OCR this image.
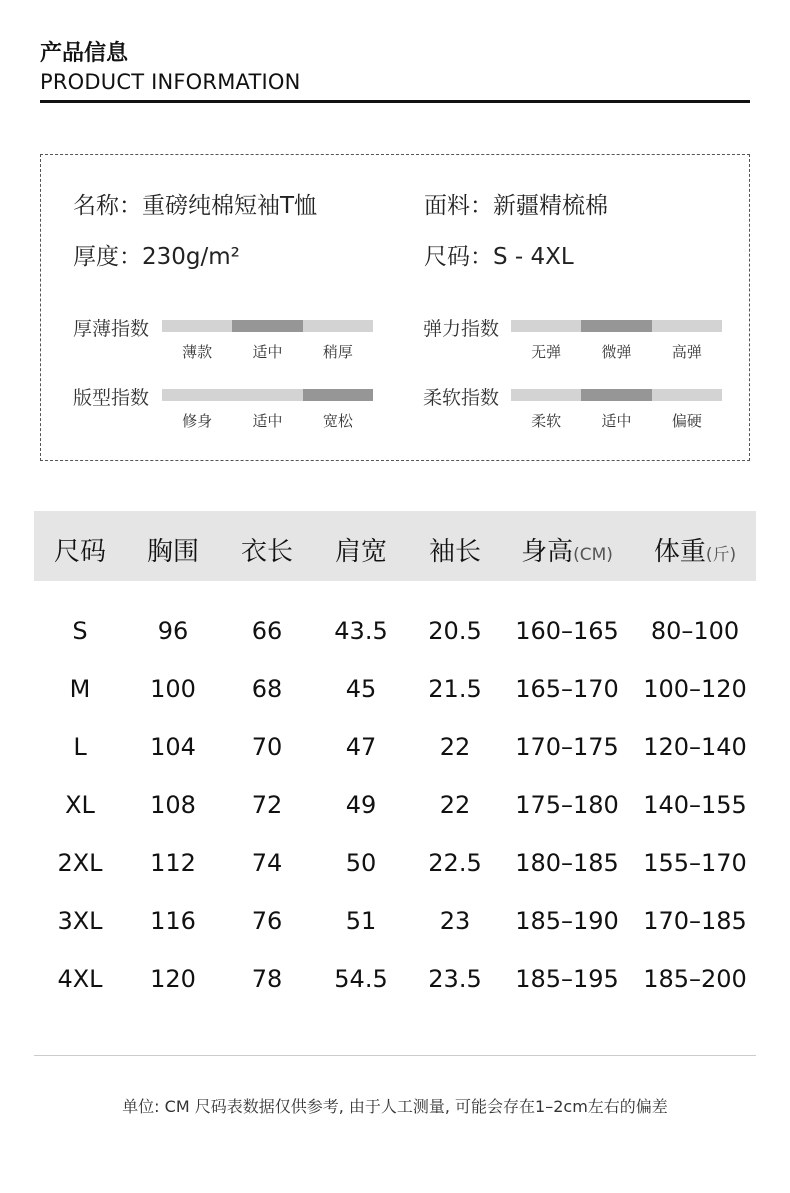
产品信息
PRODUCT INFORMATION
名称：重磅纯棉短袖T恤	面料：新疆精梳棉
厚度：230g/m²	尺码：S - 4XL
厚薄指数
薄款	适中	稍厚
弹力指数
无弹	微弹	高弹
版型指数
修身	适中	宽松
柔软指数
柔软	适中	偏硬
尺码 胸围 衣长 肩宽 袖长 身高(CM) 体重(斤)
S	96	66 43.5 20.5 160–165 80–100
M 100 68	45 21.5 165–170 100–120
L	104 70	47	22 170–175 120–140
XL 108 72	49	22 175–180 140–155
2XL 112 74	50 22.5 180–185 155–170
3XL 116 76	51	23 185–190 170–185
4XL 120 78 54.5 23.5 185–195 185–200
单位: CM 尺码表数据仅供参考, 由于人工测量, 可能会存在1–2cm左右的偏差
